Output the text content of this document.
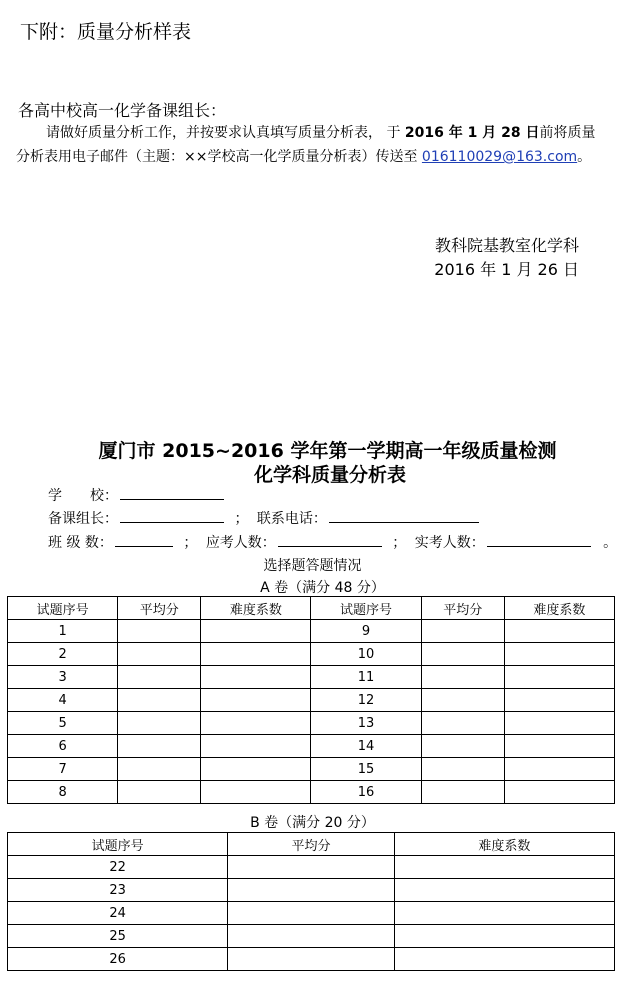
下附：质量分析样表
各高中校高一化学备课组长：
请做好质量分析工作，并按要求认真填写质量分析表， 于 2016 年 1 月 28 日前将质量
分析表用电子邮件（主题：××学校高一化学质量分析表）传送至 016110029@163.com。
教科院基教室化学科
2016 年 1 月 26 日
厦门市 2015~2016 学年第一学期高一年级质量检测
化学科质量分析表
学　　校：
备课组长：	； 联系电话：
班 级 数：	； 应考人数：	； 实考人数：	。
选择题答题情况
A 卷（满分 48 分）
试题序号	平均分	难度系数	试题序号	平均分	难度系数
1			9		
2			10		
3			11		
4			12		
5			13		
6			14		
7			15		
8			16		
B 卷（满分 20 分）
试题序号	平均分	难度系数
22		
23		
24		
25		
26		
